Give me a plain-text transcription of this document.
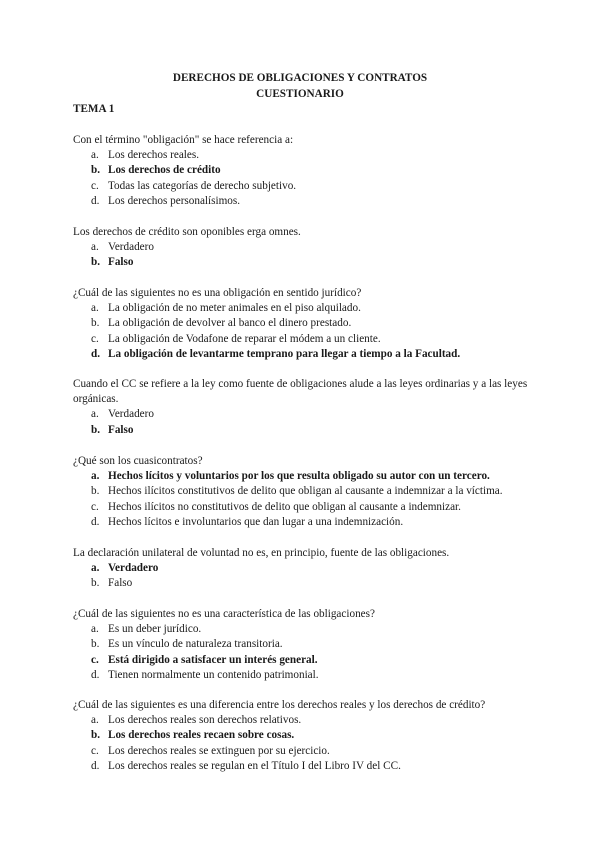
DERECHOS DE OBLIGACIONES Y CONTRATOS
CUESTIONARIO
TEMA 1

Con el término "obligación" se hace referencia a:

a. Los derechos reales.
b. Los derechos de crédito
c. Todas las categorías de derecho subjetivo.
d. Los derechos personalísimos.

Los derechos de crédito son oponibles erga omnes.

a. Verdadero
b. Falso

¿Cuál de las siguientes no es una obligación en sentido jurídico?

a. La obligación de no meter animales en el piso alquilado.
b. La obligación de devolver al banco el dinero prestado.
c. La obligación de Vodafone de reparar el módem a un cliente.
d. La obligación de levantarme temprano para llegar a tiempo a la Facultad.

Cuando el CC se refiere a la ley como fuente de obligaciones alude a las leyes ordinarias y a las leyes orgánicas.

a. Verdadero
b. Falso

¿Qué son los cuasicontratos?

a. Hechos lícitos y voluntarios por los que resulta obligado su autor con un tercero.
b. Hechos ilícitos constitutivos de delito que obligan al causante a indemnizar a la víctima.
c. Hechos ilícitos no constitutivos de delito que obligan al causante a indemnizar.
d. Hechos lícitos e involuntarios que dan lugar a una indemnización.

La declaración unilateral de voluntad no es, en principio, fuente de las obligaciones.

a. Verdadero
b. Falso

¿Cuál de las siguientes no es una característica de las obligaciones?

a. Es un deber jurídico.
b. Es un vínculo de naturaleza transitoria.
c. Está dirigido a satisfacer un interés general.
d. Tienen normalmente un contenido patrimonial.

¿Cuál de las siguientes es una diferencia entre los derechos reales y los derechos de crédito?

a. Los derechos reales son derechos relativos.
b. Los derechos reales recaen sobre cosas.
c. Los derechos reales se extinguen por su ejercicio.
d. Los derechos reales se regulan en el Título I del Libro IV del CC.
